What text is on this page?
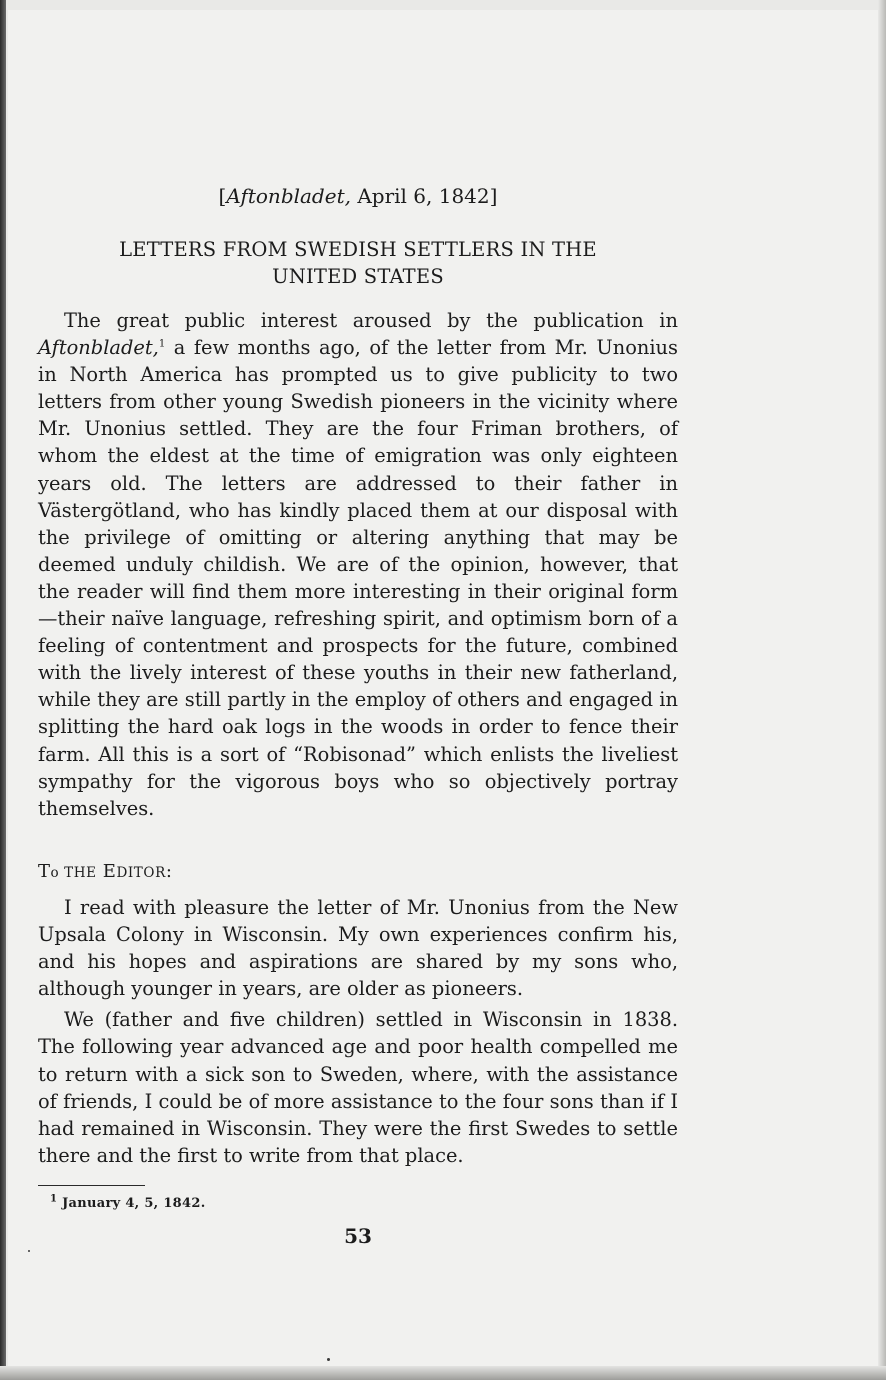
[Aftonbladet, April 6, 1842]
LETTERS FROM SWEDISH SETTLERS IN THE
UNITED STATES

The great public interest aroused by the publication in Aftonbladet,$^1$ a few months ago, of the letter from Mr. Unonius in North America has prompted us to give publicity to two letters from other young Swedish pioneers in the vicinity where Mr. Unonius settled. They are the four Friman brothers, of whom the eldest at the time of emigration was only eighteen years old. The letters are addressed to their father in Västergötland, who has kindly placed them at our disposal with the privilege of omitting or altering anything that may be deemed unduly childish. We are of the opinion, however, that the reader will find them more interesting in their original form—their naïve language, refreshing spirit, and optimism born of a feeling of contentment and prospects for the future, combined with the lively interest of these youths in their new fatherland, while they are still partly in the employ of others and engaged in splitting the hard oak logs in the woods in order to fence their farm. All this is a sort of “Robisonad” which enlists the liveliest sympathy for the vigorous boys who so objectively portray themselves.

To THE EDITOR:

I read with pleasure the letter of Mr. Unonius from the New Upsala Colony in Wisconsin. My own experiences confirm his, and his hopes and aspirations are shared by my sons who, although younger in years, are older as pioneers.

We (father and five children) settled in Wisconsin in 1838. The following year advanced age and poor health compelled me to return with a sick son to Sweden, where, with the assistance of friends, I could be of more assistance to the four sons than if I had remained in Wisconsin. They were the first Swedes to settle there and the first to write from that place.

$^1$ January 4, 5, 1842.
53
